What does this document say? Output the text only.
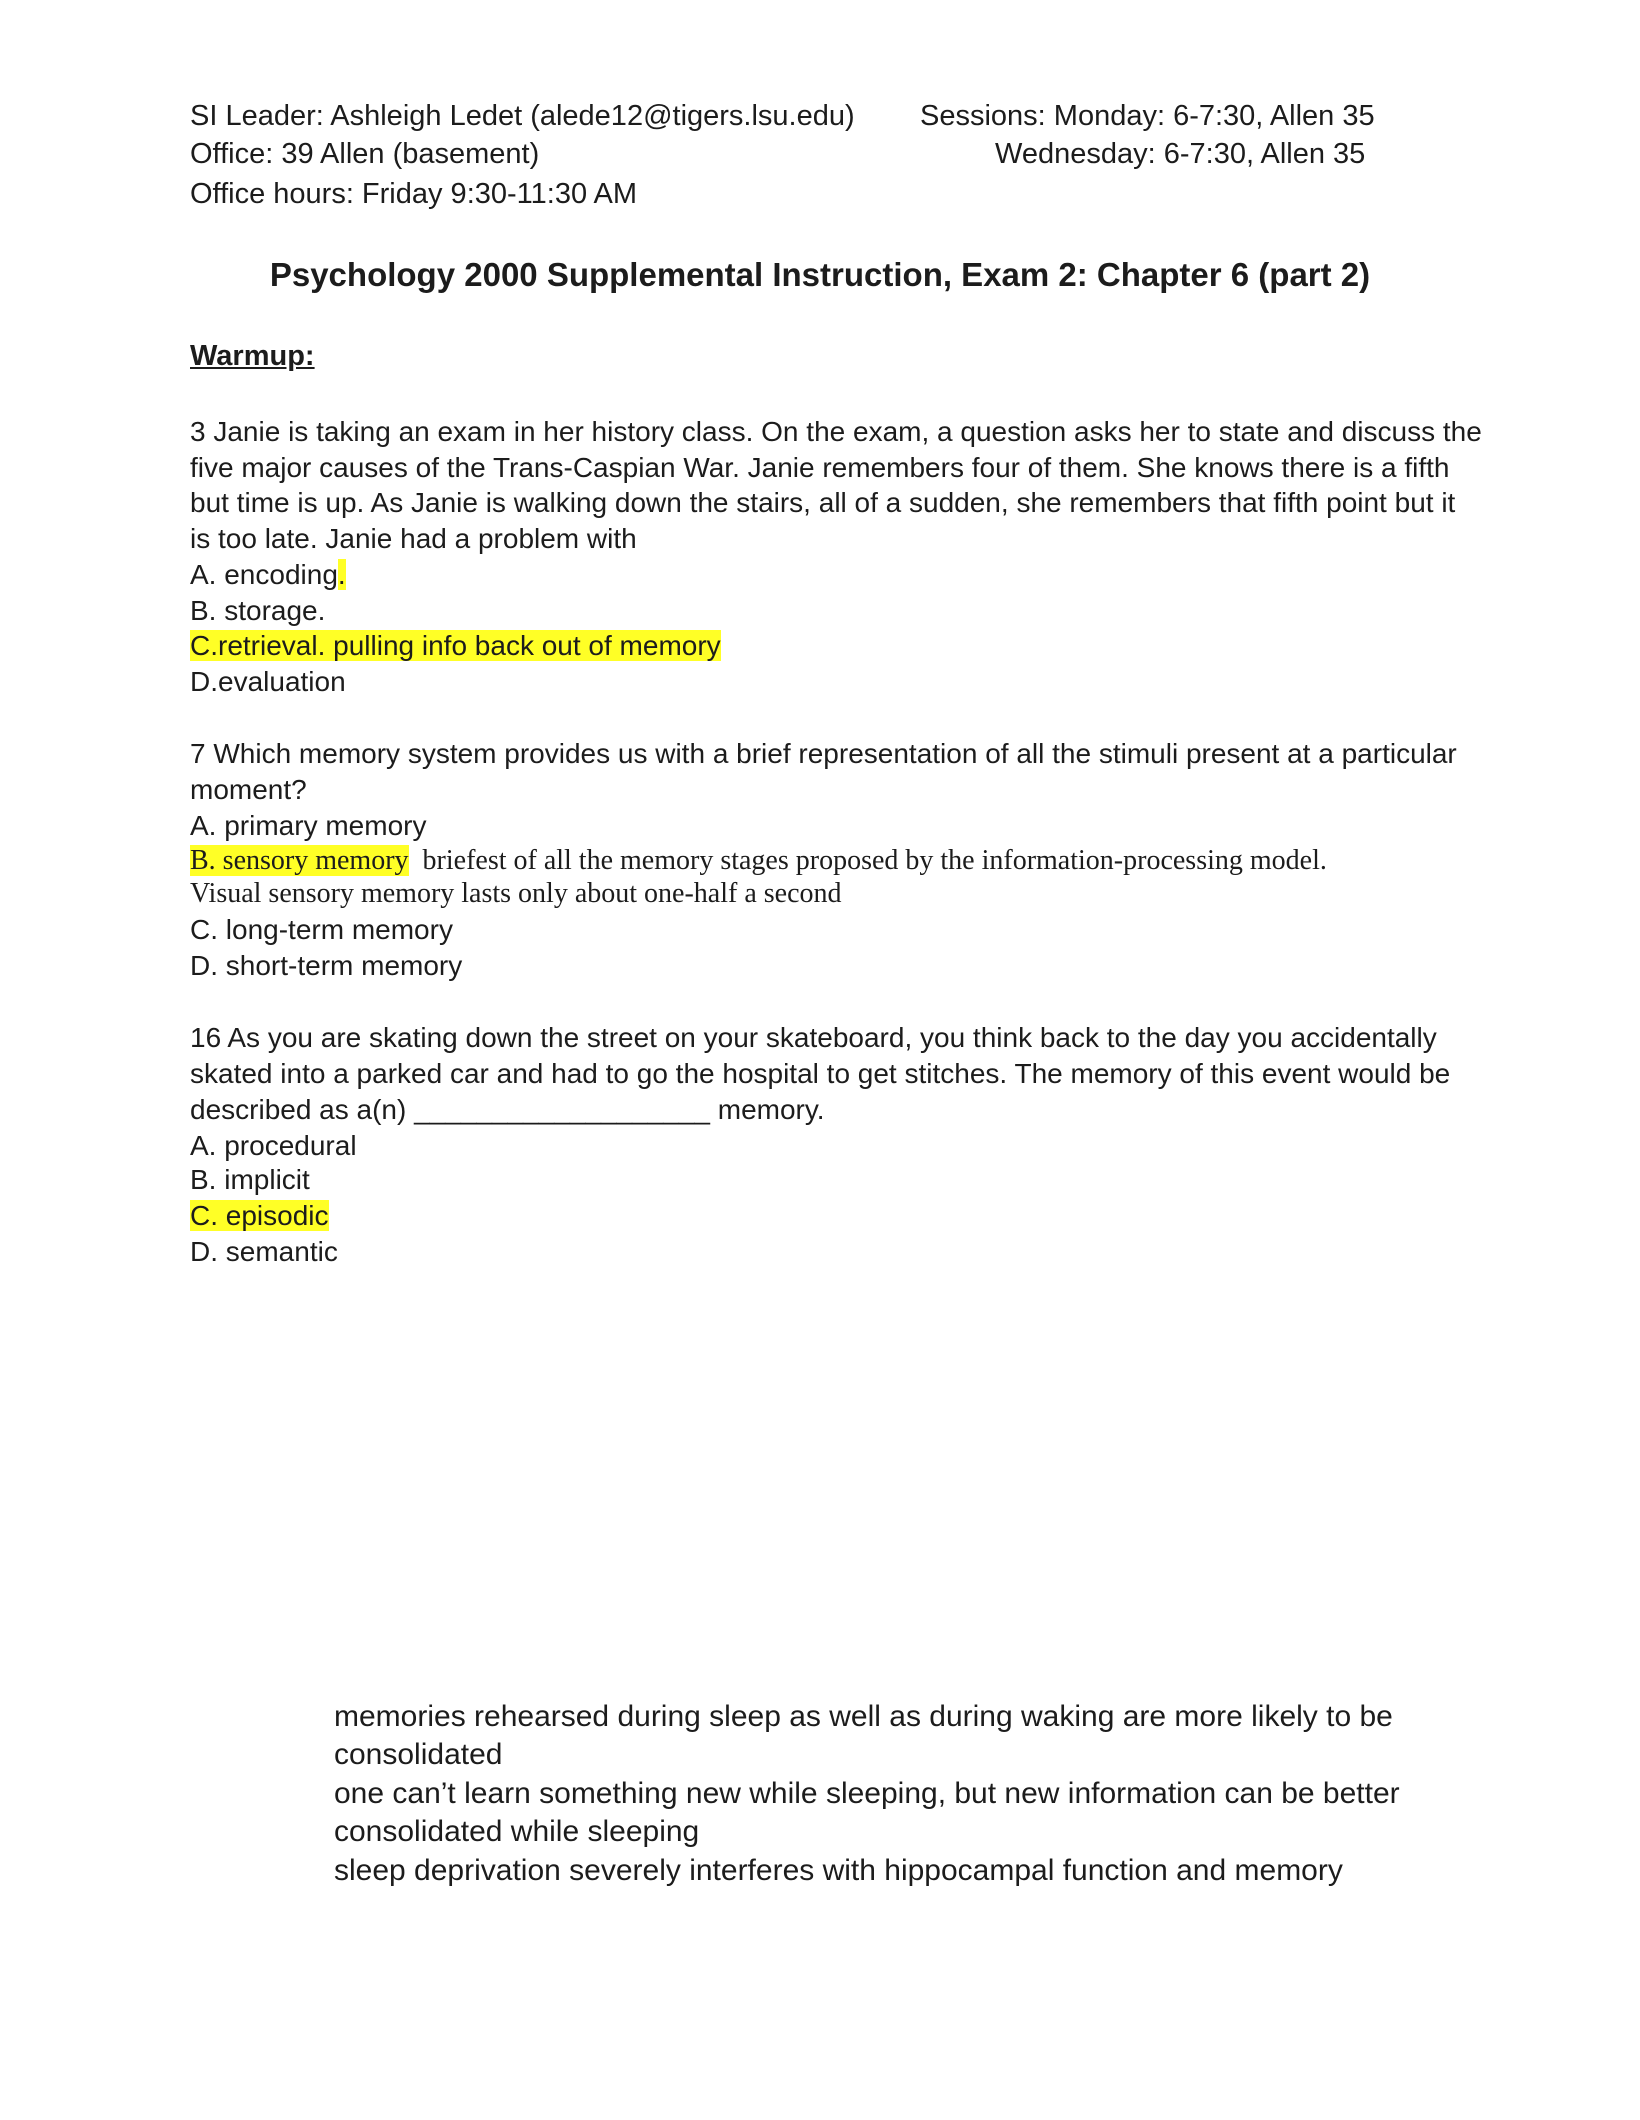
SI Leader: Ashleigh Ledet (alede12@tigers.lsu.edu)
Office: 39 Allen (basement)
Office hours: Friday 9:30-11:30 AM
Sessions: Monday: 6-7:30, Allen 35
Wednesday: 6-7:30, Allen 35
Psychology 2000 Supplemental Instruction, Exam 2: Chapter 6 (part 2)
Warmup:
3 Janie is taking an exam in her history class. On the exam, a question asks her to state and discuss the
five major causes of the Trans-Caspian War. Janie remembers four of them. She knows there is a fifth
but time is up. As Janie is walking down the stairs, all of a sudden, she remembers that fifth point but it
is too late. Janie had a problem with
A. encoding.
B. storage.
C.retrieval. pulling info back out of memory
D.evaluation
7 Which memory system provides us with a brief representation of all the stimuli present at a particular
moment?
A. primary memory
B. sensory memory briefest of all the memory stages proposed by the information-processing model.
Visual sensory memory lasts only about one-half a second
C. long-term memory
D. short-term memory
16 As you are skating down the street on your skateboard, you think back to the day you accidentally
skated into a parked car and had to go the hospital to get stitches. The memory of this event would be
described as a(n) ___________________ memory.
A. procedural
B. implicit
C. episodic
D. semantic
memories rehearsed during sleep as well as during waking are more likely to be
consolidated
one can’t learn something new while sleeping, but new information can be better
consolidated while sleeping
sleep deprivation severely interferes with hippocampal function and memory
